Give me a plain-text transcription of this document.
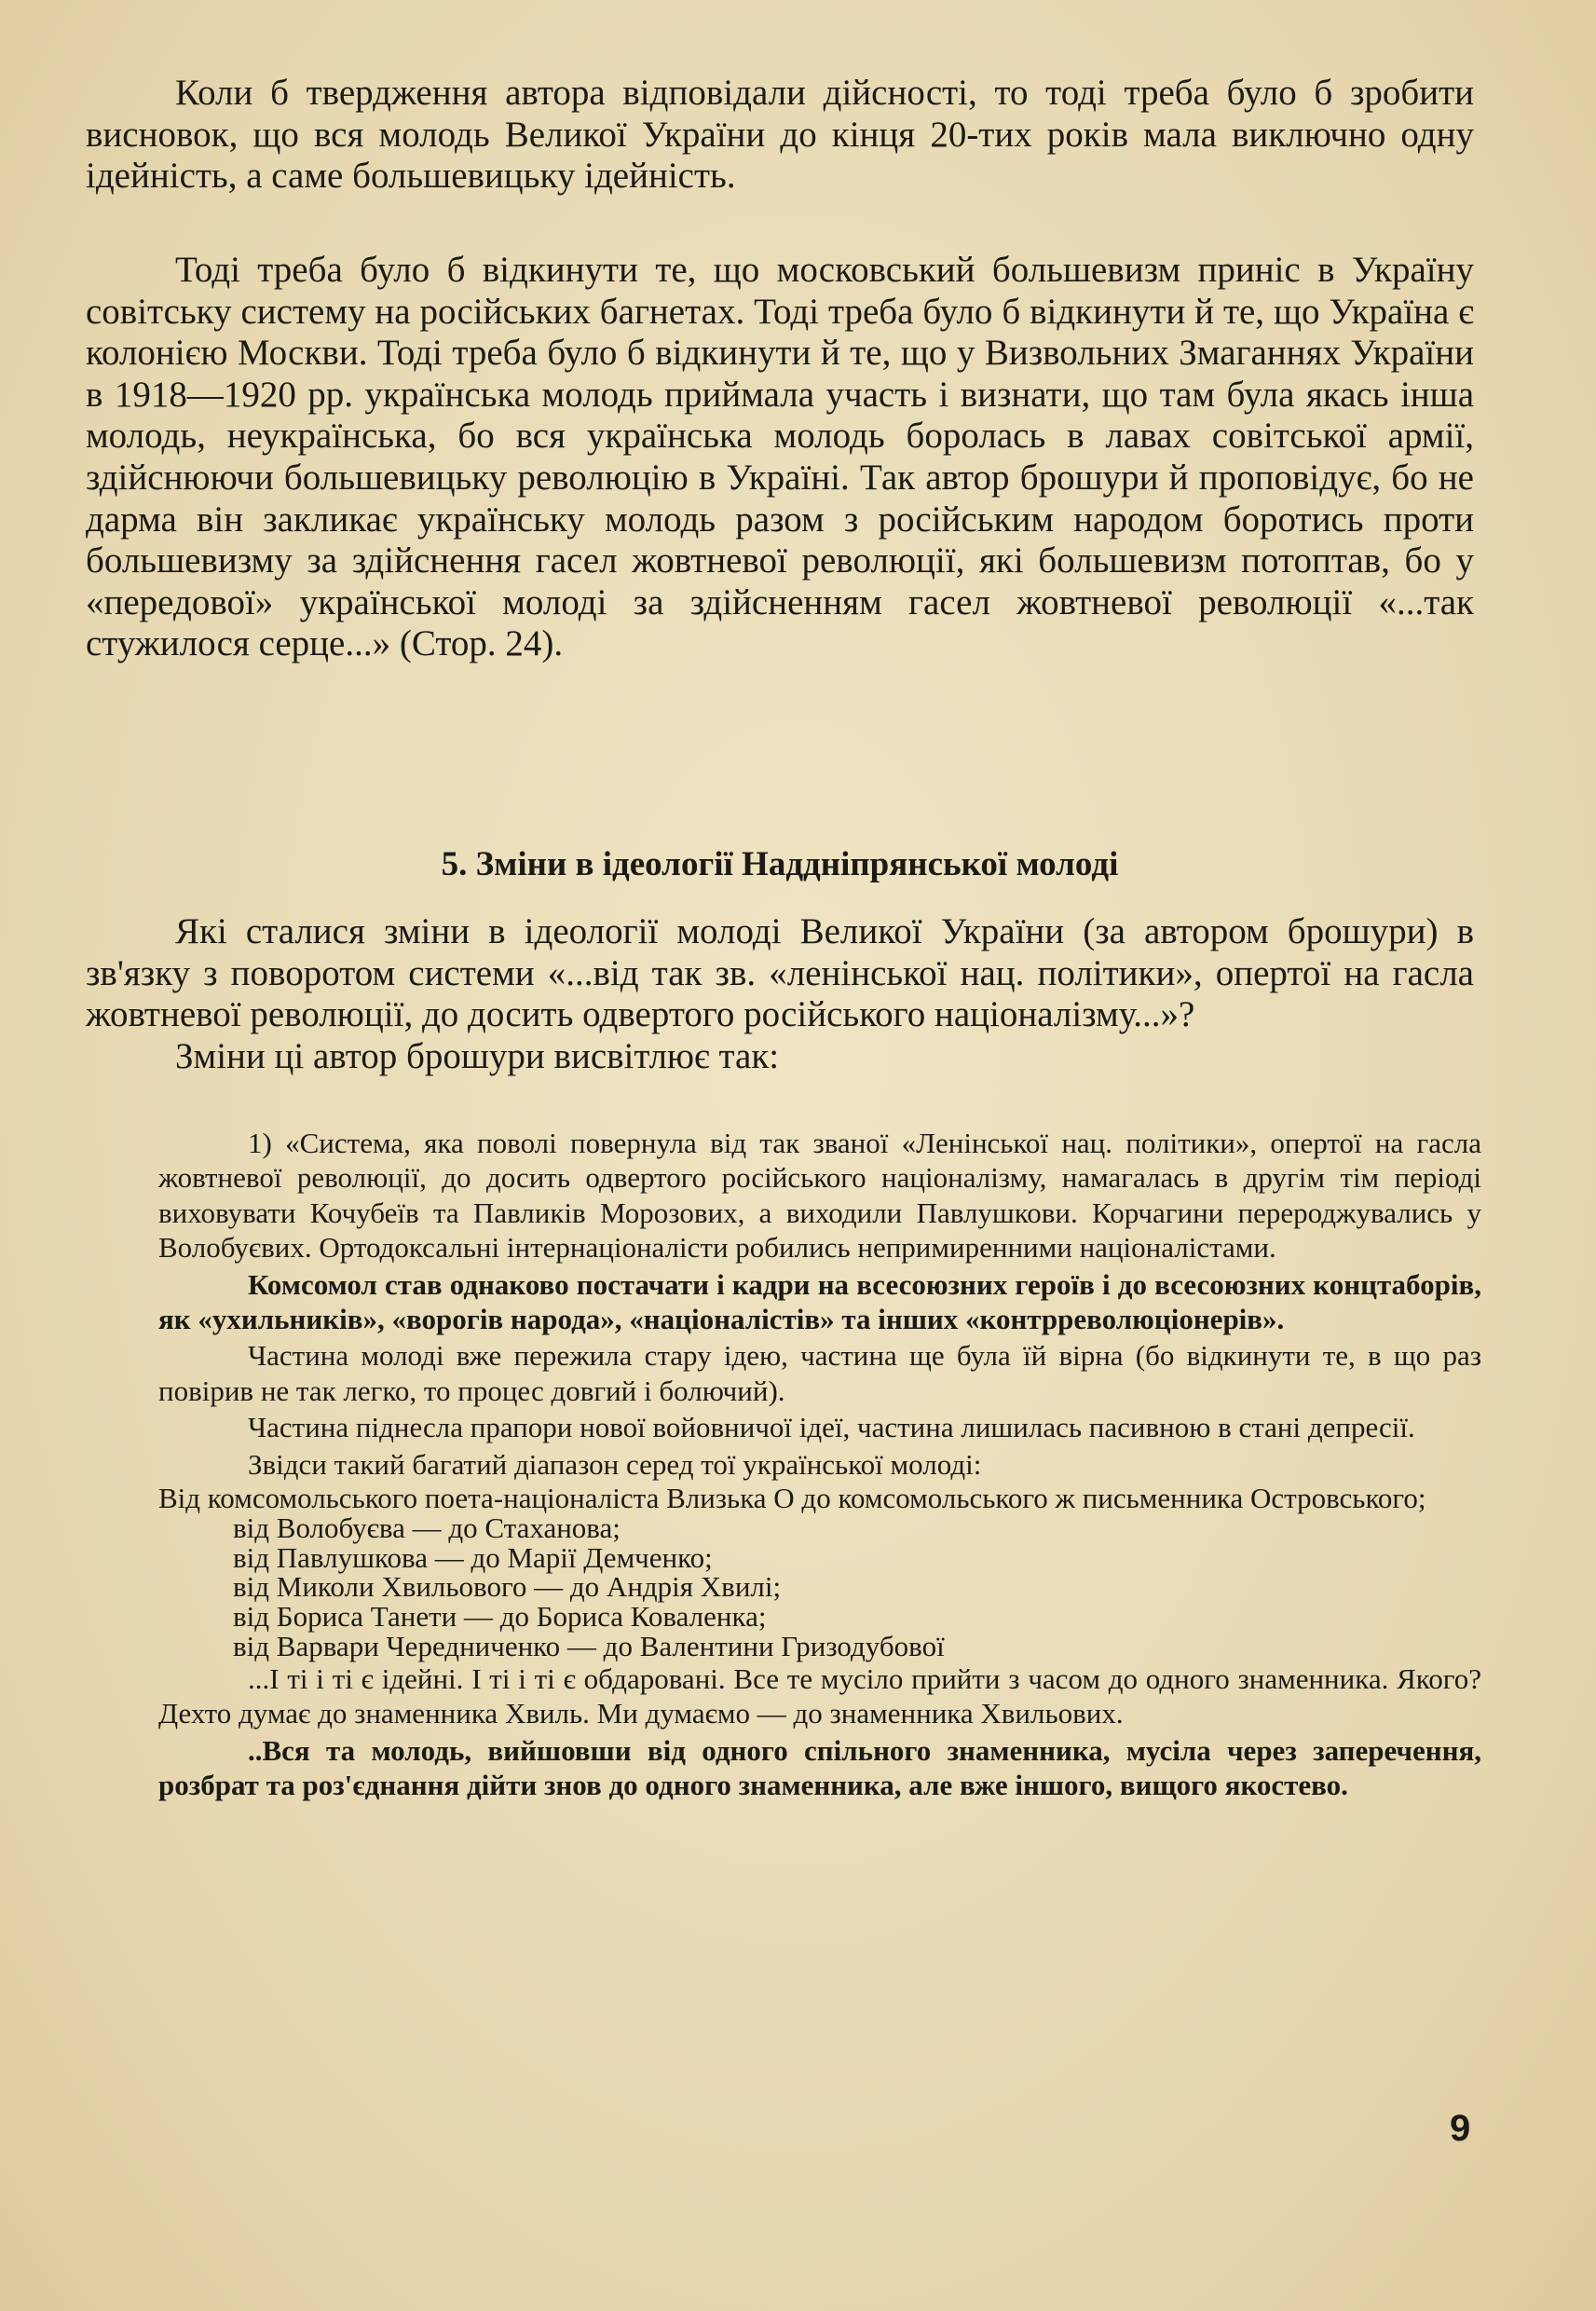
Коли б твердження автора відповідали дійсності, то тоді треба було б зробити висновок, що вся молодь Великої України до кінця 20-тих років мала виключно одну ідейність, а саме большевицьку ідейність.

Тоді треба було б відкинути те, що московський большевизм приніс в Україну совітську систему на російських багнетах. Тоді треба було б відкинути й те, що Україна є колонією Москви. Тоді треба було б відкинути й те, що у Визвольних Змаганнях України в 1918—1920 рр. українська молодь приймала участь і визнати, що там була якась інша молодь, неукраїнська, бо вся українська молодь боролась в лавах совітської армії, здійснюючи большевицьку революцію в Україні. Так автор брошури й проповідує, бо не дарма він закликає українську молодь разом з російським народом боротись проти большевизму за здійснення гасел жовтневої революції, які большевизм потоптав, бо у «передової» української молоді за здійсненням гасел жовтневої революції «...так стужилося серце...» (Стор. 24).

5. Зміни в ідеології Наддніпрянської молоді

Які сталися зміни в ідеології молоді Великої України (за автором брошури) в зв'язку з поворотом системи «...від так зв. «ленінської нац. політики», опертої на гасла жовтневої революції, до досить одвертого російського націоналізму...»?

Зміни ці автор брошури висвітлює так:

1) «Система, яка поволі повернула від так званої «Ленінської нац. політики», опертої на гасла жовтневої революції, до досить одвертого російського націоналізму, намагалась в другім тім періоді виховувати Кочубеїв та Павликів Морозових, а виходили Павлушкови. Корчагини перероджувались у Волобуєвих. Ортодоксальні інтернаціоналісти робились непримиренними націоналістами.

Комсомол став однаково постачати і кадри на всесоюзних героїв і до всесоюзних концтаборів, як «ухильників», «ворогів народа», «націоналістів» та інших «контрреволюціонерів».

Частина молоді вже пережила стару ідею, частина ще була їй вірна (бо відкинути те, в що раз повірив не так легко, то процес довгий і болючий).

Частина піднесла прапори нової войовничої ідеї, частина лишилась пасивною в стані депресії.

Звідси такий багатий діапазон серед тої української молоді:

Від комсомольського поета-націоналіста Влизька О до комсомольського ж письменника Островського;

від Волобуєва — до Стаханова;

від Павлушкова — до Марії Демченко;

від Миколи Хвильового — до Андрія Хвилі;

від Бориса Танети — до Бориса Коваленка;

від Варвари Чередниченко — до Валентини Гризодубової

...І ті і ті є ідейні. І ті і ті є обдаровані. Все те мусіло прийти з часом до одного знаменника. Якого? Дехто думає до знаменника Хвиль. Ми думаємо — до знаменника Хвильових.

..Вся та молодь, вийшовши від одного спільного знаменника, мусіла через заперечення, розбрат та роз'єднання дійти знов до одного знаменника, але вже іншого, вищого якостево.

9
